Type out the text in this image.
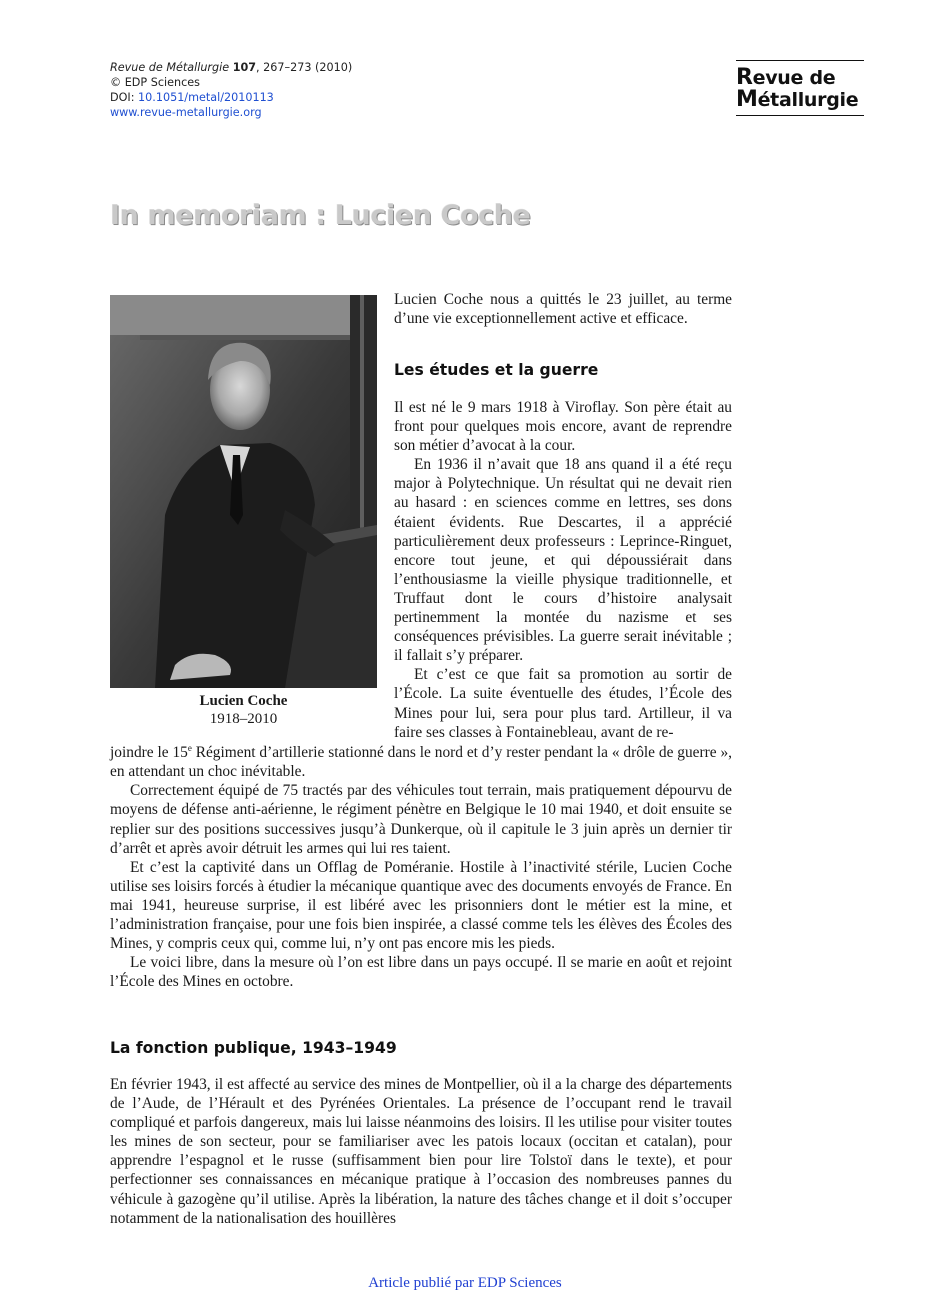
Revue de Métallurgie 107, 267–273 (2010)
© EDP Sciences
DOI: 10.1051/metal/2010113
www.revue-metallurgie.org
Revue de
Métallurgie
In memoriam : Lucien Coche
Lucien Coche
1918–2010

Lucien Coche nous a quittés le 23 juillet, au terme d’une vie exceptionnellement active et efficace.

Les études et la guerre

Il est né le 9 mars 1918 à Viroflay. Son père était au front pour quelques mois encore, avant de reprendre son métier d’avocat à la cour.

En 1936 il n’avait que 18 ans quand il a été reçu major à Polytechnique. Un résultat qui ne devait rien au hasard : en sciences comme en lettres, ses dons étaient évidents. Rue Descartes, il a apprécié particulièrement deux professeurs : Leprince-Ringuet, encore tout jeune, et qui dépoussiérait dans l’enthousiasme la vieille physique traditionnelle, et Truffaut dont le cours d’histoire analysait pertinemment la montée du nazisme et ses conséquences prévisibles. La guerre serait inévitable ; il fallait s’y préparer.

Et c’est ce que fait sa promotion au sortir de l’École. La suite éventuelle des études, l’École des Mines pour lui, sera pour plus tard. Artilleur, il va faire ses classes à Fontainebleau, avant de re-

joindre le 15e Régiment d’artillerie stationné dans le nord et d’y rester pendant la « drôle de guerre », en attendant un choc inévitable.

Correctement équipé de 75 tractés par des véhicules tout terrain, mais pratiquement dépourvu de moyens de défense anti-aérienne, le régiment pénètre en Belgique le 10 mai 1940, et doit ensuite se replier sur des positions successives jusqu’à Dunkerque, où il capitule le 3 juin après un dernier tir d’arrêt et après avoir détruit les armes qui lui res taient.

Et c’est la captivité dans un Offlag de Poméranie. Hostile à l’inactivité stérile, Lucien Coche utilise ses loisirs forcés à étudier la mécanique quantique avec des documents envoyés de France. En mai 1941, heureuse surprise, il est libéré avec les prisonniers dont le métier est la mine, et l’administration française, pour une fois bien inspirée, a classé comme tels les élèves des Écoles des Mines, y compris ceux qui, comme lui, n’y ont pas encore mis les pieds.

Le voici libre, dans la mesure où l’on est libre dans un pays occupé. Il se marie en août et rejoint l’École des Mines en octobre.

La fonction publique, 1943–1949

En février 1943, il est affecté au service des mines de Montpellier, où il a la charge des départements de l’Aude, de l’Hérault et des Pyrénées Orientales. La présence de l’occupant rend le travail compliqué et parfois dangereux, mais lui laisse néanmoins des loisirs. Il les utilise pour visiter toutes les mines de son secteur, pour se familiariser avec les patois locaux (occitan et catalan), pour apprendre l’espagnol et le russe (suffisamment bien pour lire Tolstoï dans le texte), et pour perfectionner ses connaissances en mécanique pratique à l’occasion des nombreuses pannes du véhicule à gazogène qu’il utilise. Après la libération, la nature des tâches change et il doit s’occuper notamment de la nationalisation des houillères

Article publié par EDP Sciences
